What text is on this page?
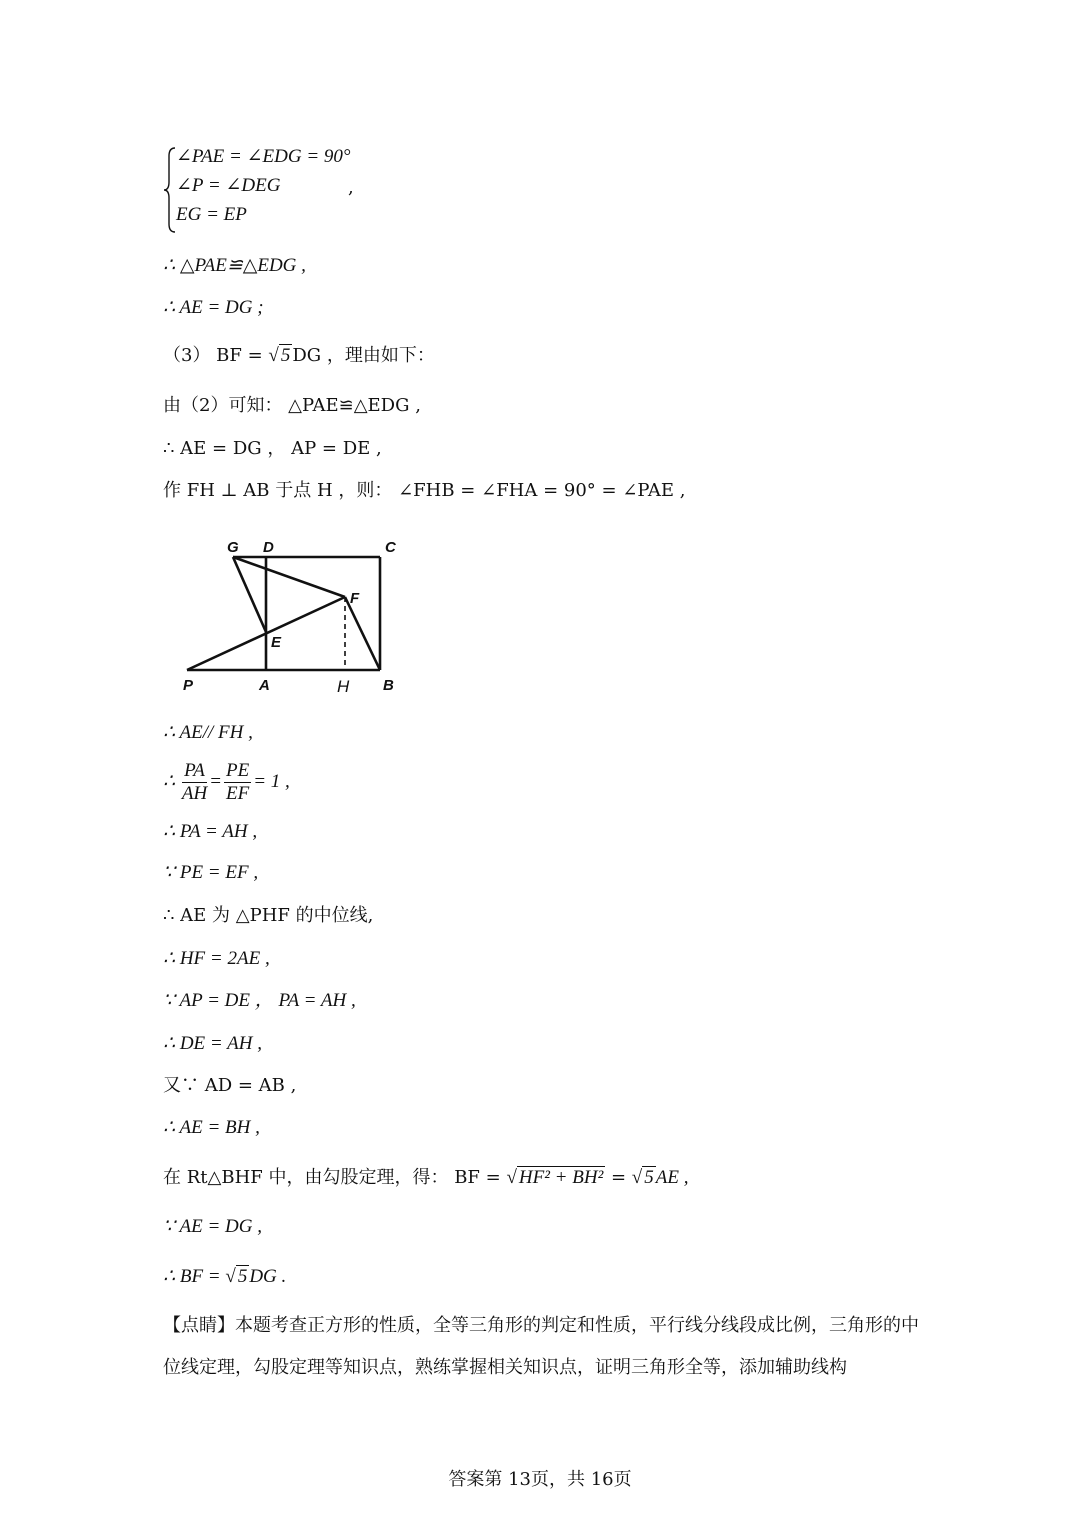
∠PAE = ∠EDG = 90°
∠P = ∠DEG
EG = EP
,
∴ △PAE≌△EDG ,
∴ AE = DG ;
（3） BF = √ 5 DG ，理由如下：
由（2）可知： △PAE≌△EDG ,
∴ AE = DG ， AP = DE ,
作 FH ⊥ AB 于点 H ，则： ∠FHB = ∠FHA = 90° = ∠PAE ,
G D	C
F
E
P	A	H B
∴ AE// FH ,
∴ $\frac{PA}{AH} = \frac{PE}{EF} = 1$ ,
∴ PA = AH ,
∵ PE = EF ,
∴ AE 为 △PHF 的中位线,
∴ HF = 2AE ,
∵ AP = DE ， PA = AH ,
∴ DE = AH ,
又∵ AD = AB ,
∴ AE = BH ,
在 Rt△BHF 中，由勾股定理，得： BF = √ HF² + BH² = √ 5 AE ,
∵ AE = DG ,
∴ BF = √ 5 DG .
【点睛】本题考查正方形的性质，全等三角形的判定和性质，平行线分线段成比例，三角形的中位线定理，勾股定理等知识点，熟练掌握相关知识点，证明三角形全等，添加辅助线构
答案第 13页，共 16页
